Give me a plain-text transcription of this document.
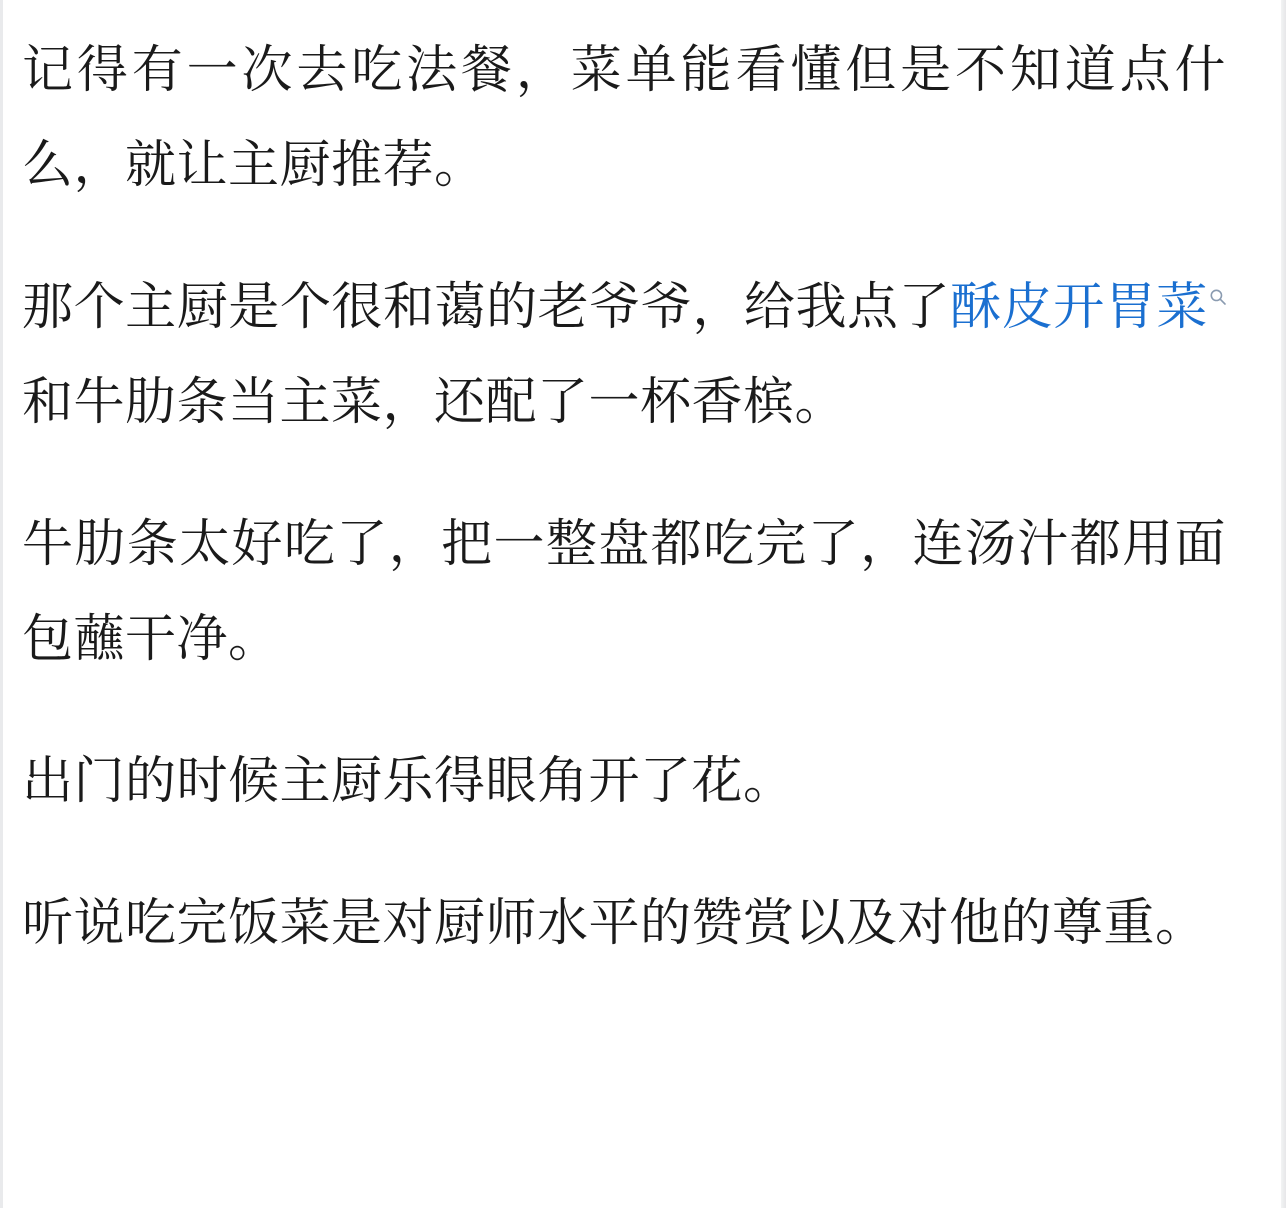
记得有一次去吃法餐，菜单能看懂但是不知道点什么，就让主厨推荐。

那个主厨是个很和蔼的老爷爷，给我点了酥皮开胃菜和牛肋条当主菜，还配了一杯香槟。

牛肋条太好吃了，把一整盘都吃完了，连汤汁都用面包蘸干净。

出门的时候主厨乐得眼角开了花。

听说吃完饭菜是对厨师水平的赞赏以及对他的尊重。
